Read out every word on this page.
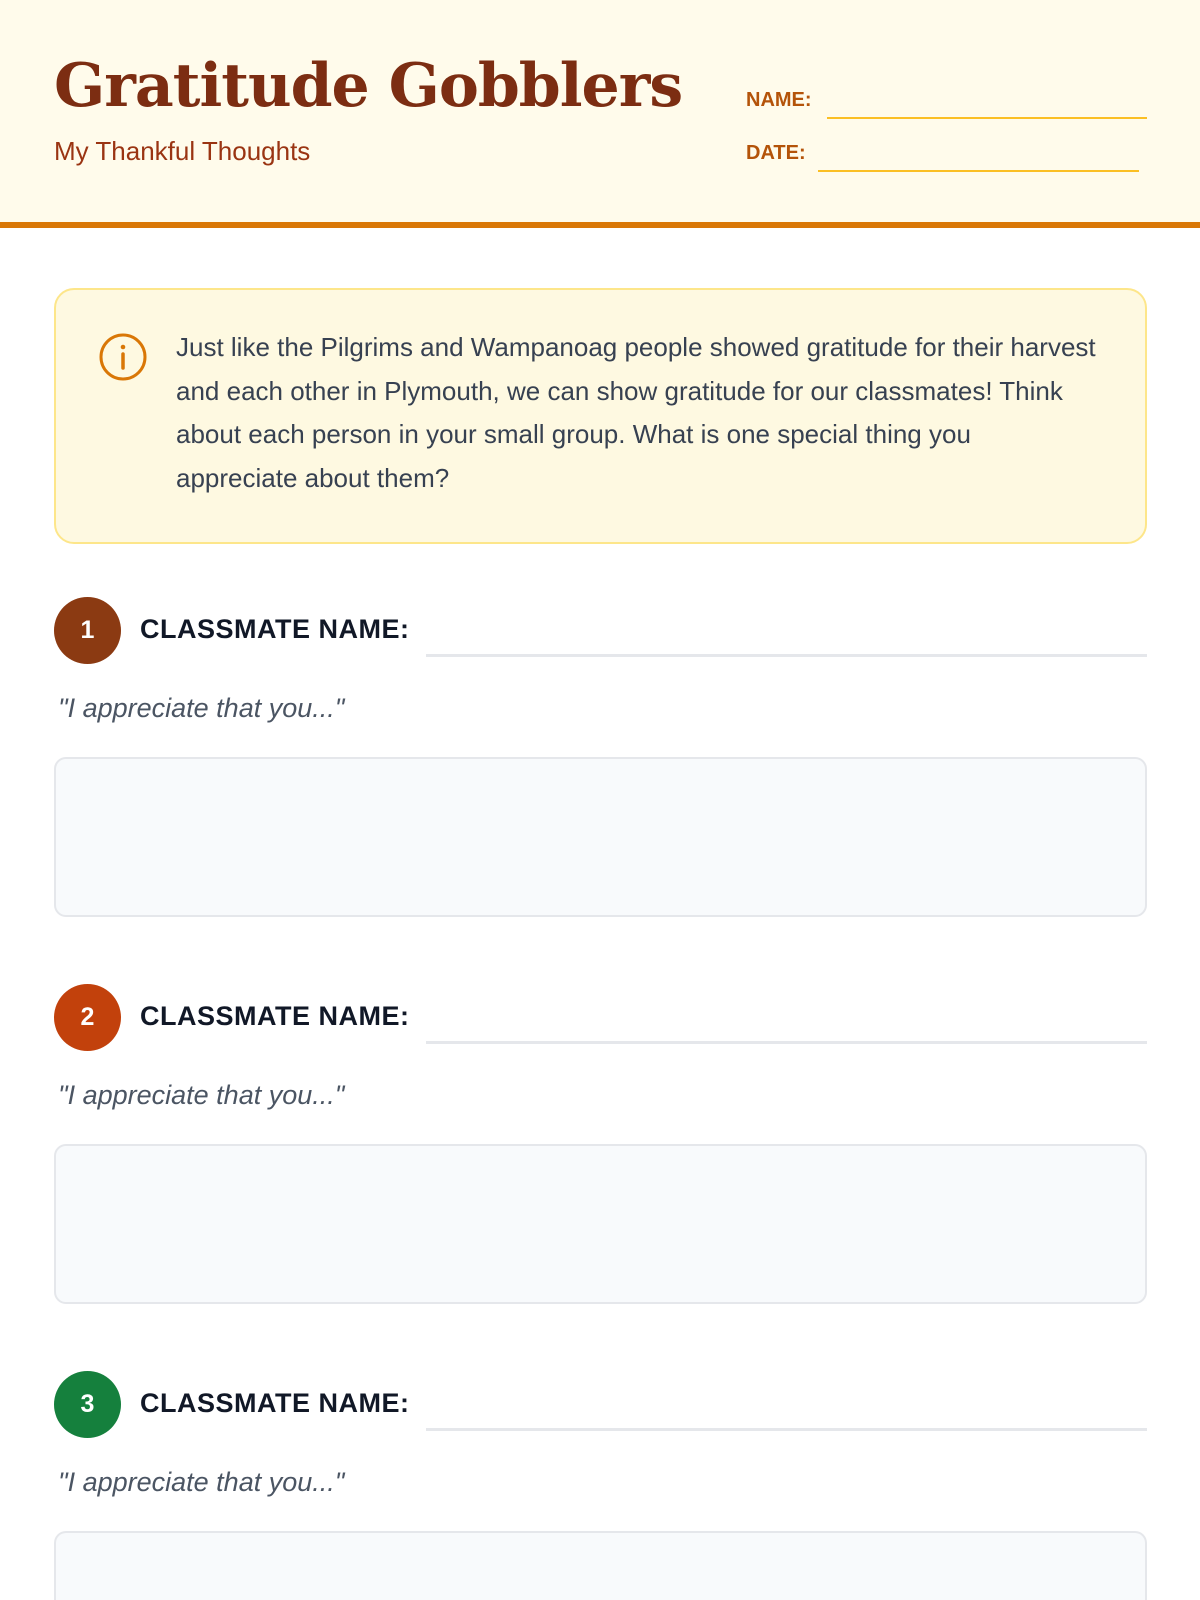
Gratitude Gobblers
My Thankful Thoughts
NAME:
DATE:
Just like the Pilgrims and Wampanoag people showed gratitude for their harvest and each other in Plymouth, we can show gratitude for our classmates! Think about each person in your small group. What is one special thing you appreciate about them?
1	CLASSMATE NAME:
"I appreciate that you..."
2	CLASSMATE NAME:
"I appreciate that you..."
3	CLASSMATE NAME:
"I appreciate that you..."
